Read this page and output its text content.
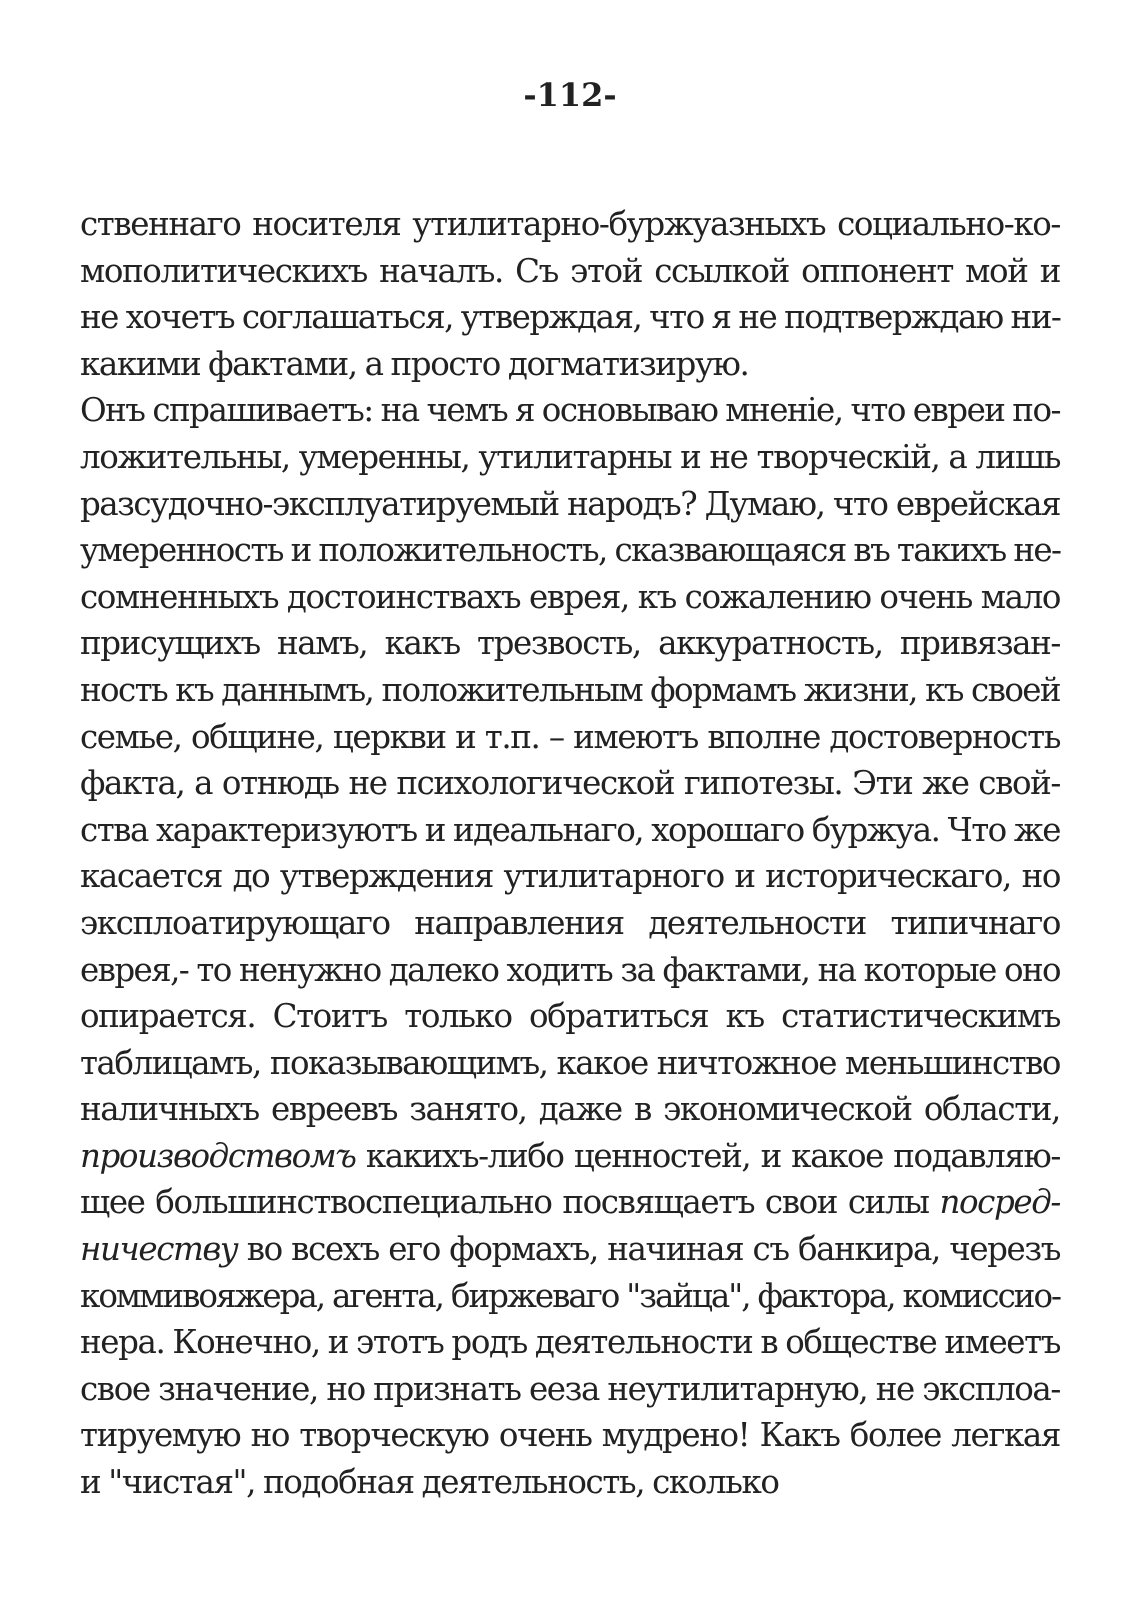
-112-
ственнаго носителя утилитарно-буржуазныхъ социально-ко-
мополитическихъ началъ. Съ этой ссылкой оппонент мой и
не хочетъ соглашаться, утверждая, что я не подтверждаю ни-
какими фактами, а просто догматизирую.
Онъ спрашиваетъ: на чемъ я основываю мненiе, что евреи по-
ложительны, умеренны, утилитарны и не творческiй, а лишь
разсудочно-эксплуатируемый народъ? Думаю, что еврейская
умеренность и положительность, сказвающаяся въ такихъ не-
сомненныхъ достоинствахъ еврея, къ сожалению очень мало
присущихъ намъ, какъ трезвость, аккуратность, привязан-
ность къ даннымъ, положительным формамъ жизни, къ своей
семье, общине, церкви и т.п. – имеютъ вполне достоверность
факта, а отнюдь не психологической гипотезы. Эти же свой-
ства характеризуютъ и идеальнаго, хорошаго буржуа. Что же
касается до утверждения утилитарного и историческаго, но
эксплоатирующаго направления деятельности типичнаго
еврея,- то ненужно далеко ходить за фактами, на которые оно
опирается. Стоитъ только обратиться къ статистическимъ
таблицамъ, показывающимъ, какое ничтожное меньшинство
наличныхъ евреевъ занято, даже в экономической области,
производствомъ какихъ-либо ценностей, и какое подавляю-
щее большинствоспециально посвящаетъ свои силы посред-
ничеству во всехъ его формахъ, начиная съ банкира, черезъ
коммивояжера, агента, биржеваго "зайца", фактора, комиссио-
нера. Конечно, и этотъ родъ деятельности в обществе имеетъ
свое значение, но признать ееза неутилитарную, не эксплоа-
тируемую но творческую очень мудрено! Какъ более легкая
и "чистая", подобная деятельность, сколько
